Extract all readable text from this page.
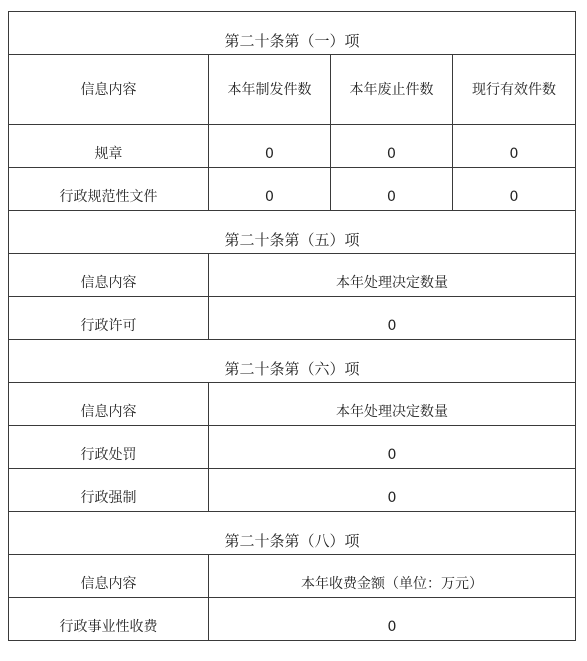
第二十条第（一）项			
信息内容	本年制发件数	本年废止件数	现行有效件数
规章	0	0	0
行政规范性文件	0	0	0
第二十条第（五）项			
信息内容	本年处理决定数量		
行政许可	0		
第二十条第（六）项			
信息内容	本年处理决定数量		
行政处罚	0		
行政强制	0		
第二十条第（八）项			
信息内容	本年收费金额（单位：万元）		
行政事业性收费	0		
